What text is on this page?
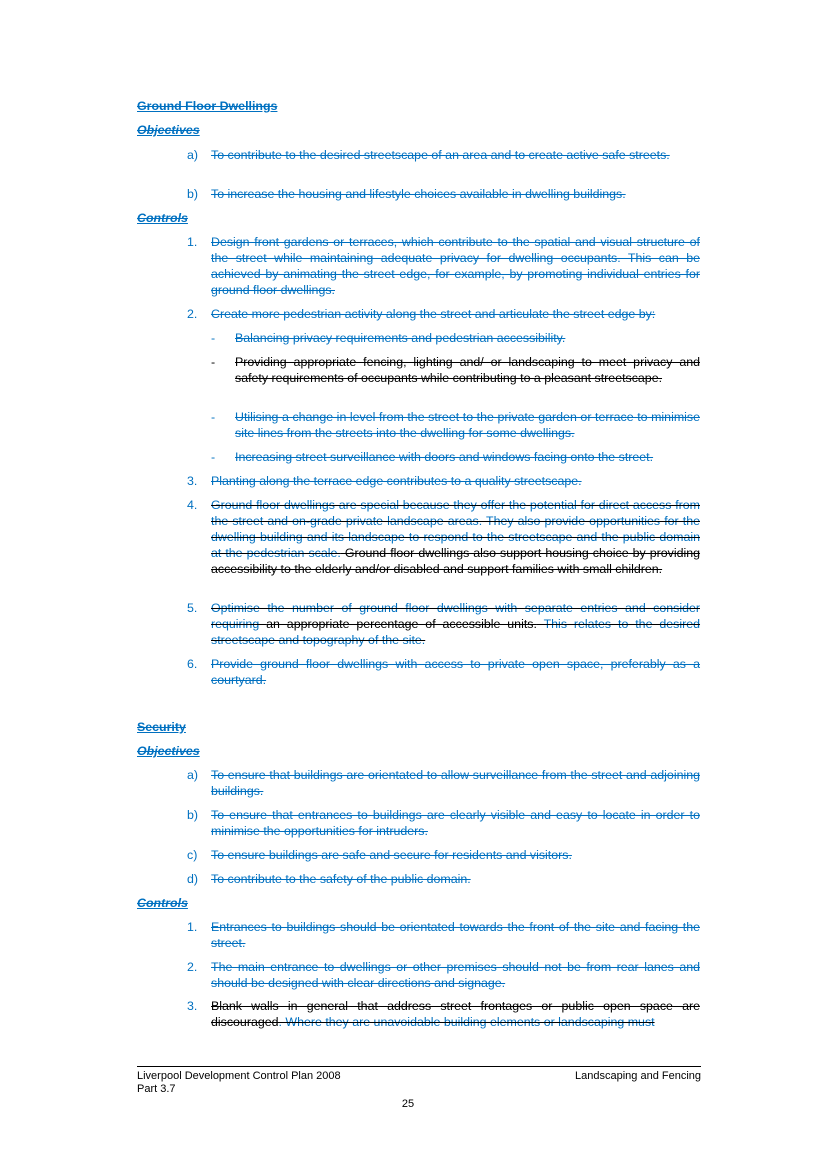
Ground Floor Dwellings
Objectives
a) To contribute to the desired streetscape of an area and to create active safe streets.
b) To increase the housing and lifestyle choices available in dwelling buildings.
Controls
1. Design front gardens or terraces, which contribute to the spatial and visual structure of the street while maintaining adequate privacy for dwelling occupants. This can be achieved by animating the street edge, for example, by promoting individual entries for ground floor dwellings.
2. Create more pedestrian activity along the street and articulate the street edge by:
- Balancing privacy requirements and pedestrian accessibility.
- Providing appropriate fencing, lighting and/ or landscaping to meet privacy and safety requirements of occupants while contributing to a pleasant streetscape.
- Utilising a change in level from the street to the private garden or terrace to minimise site lines from the streets into the dwelling for some dwellings.
- Increasing street surveillance with doors and windows facing onto the street.
3. Planting along the terrace edge contributes to a quality streetscape.
4. Ground floor dwellings are special because they offer the potential for direct access from the street and on-grade private landscape areas. They also provide opportunities for the dwelling building and its landscape to respond to the streetscape and the public domain at the pedestrian scale. Ground floor dwellings also support housing choice by providing accessibility to the elderly and/or disabled and support families with small children.
5. Optimise the number of ground floor dwellings with separate entries and consider requiring an appropriate percentage of accessible units. This relates to the desired streetscape and topography of the site.
6. Provide ground floor dwellings with access to private open space, preferably as a courtyard.
Security
Objectives
a) To ensure that buildings are orientated to allow surveillance from the street and adjoining buildings.
b) To ensure that entrances to buildings are clearly visible and easy to locate in order to minimise the opportunities for intruders.
c) To ensure buildings are safe and secure for residents and visitors.
d) To contribute to the safety of the public domain.
Controls
1. Entrances to buildings should be orientated towards the front of the site and facing the street.
2. The main entrance to dwellings or other premises should not be from rear lanes and should be designed with clear directions and signage.
3. Blank walls in general that address street frontages or public open space are discouraged. Where they are unavoidable building elements or landscaping must
Liverpool Development Control Plan 2008
Part 3.7
Landscaping and Fencing
25
